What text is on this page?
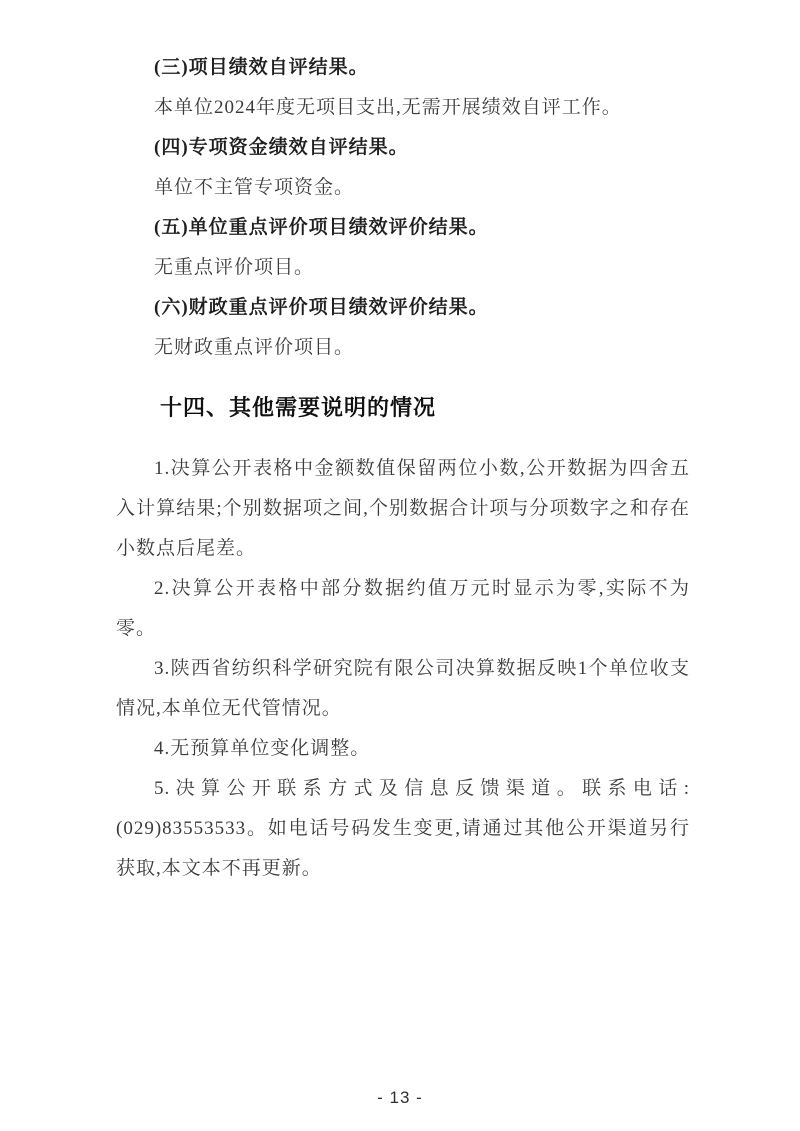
(三)项目绩效自评结果。

本单位2024年度无项目支出,无需开展绩效自评工作。

(四)专项资金绩效自评结果。

单位不主管专项资金。

(五)单位重点评价项目绩效评价结果。

无重点评价项目。

(六)财政重点评价项目绩效评价结果。

无财政重点评价项目。

十四、其他需要说明的情况

1.决算公开表格中金额数值保留两位小数,公开数据为四舍五入计算结果;个别数据项之间,个别数据合计项与分项数字之和存在小数点后尾差。

2.决算公开表格中部分数据约值万元时显示为零,实际不为零。

3.陕西省纺织科学研究院有限公司决算数据反映1个单位收支情况,本单位无代管情况。

4.无预算单位变化调整。

5.决算公开联系方式及信息反馈渠道。联系电话:(029)83553533。如电话号码发生变更,请通过其他公开渠道另行获取,本文本不再更新。

- 13 -
